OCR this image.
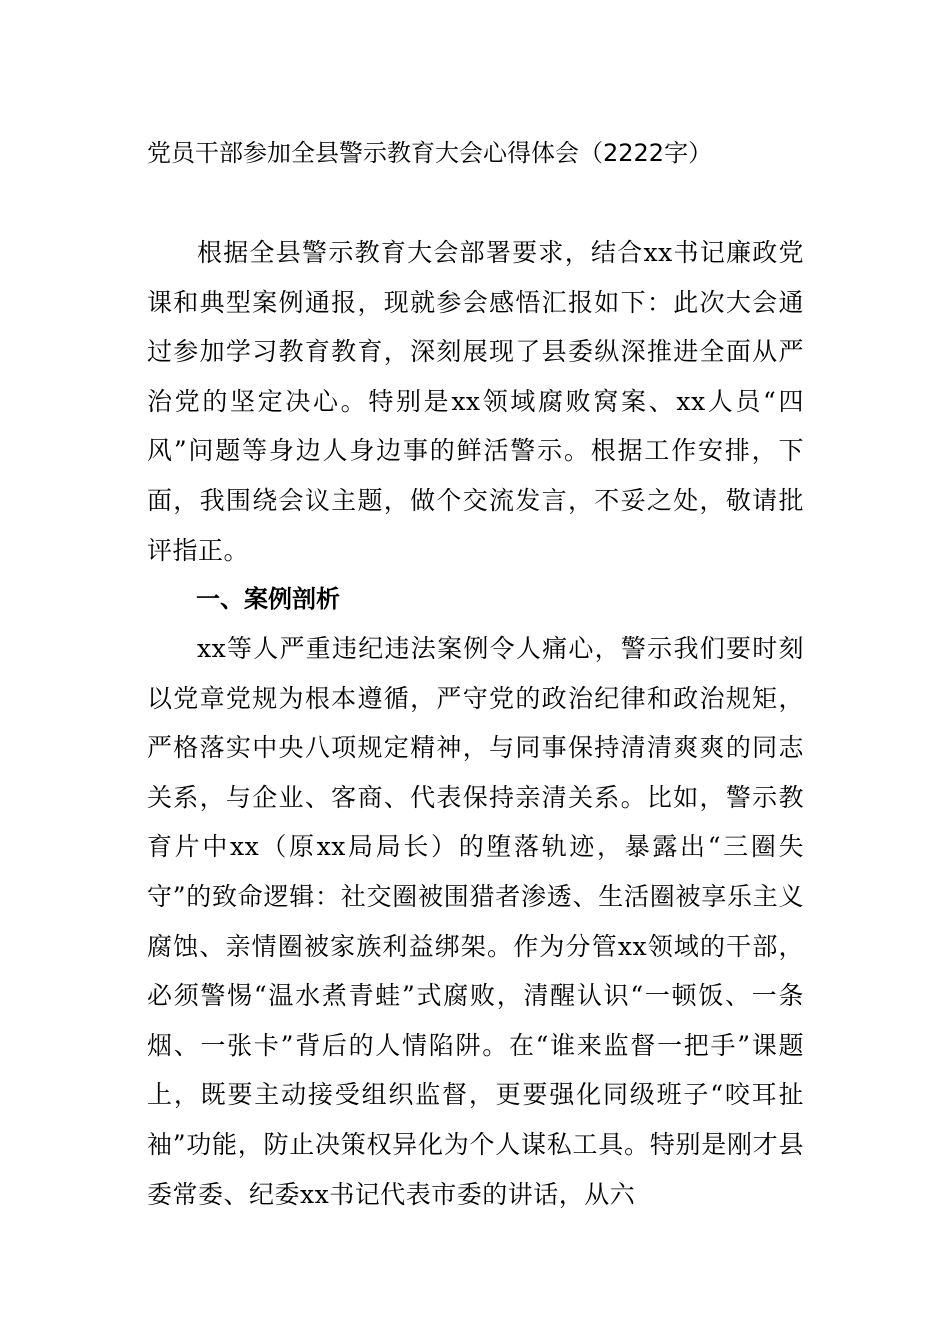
党员干部参加全县警示教育大会心得体会（2222字）

根据全县警示教育大会部署要求，结合xx书记廉政党课和典型案例通报，现就参会感悟汇报如下：此次大会通过参加学习教育教育，深刻展现了县委纵深推进全面从严治党的坚定决心。特别是xx领域腐败窝案、xx人员“四风”问题等身边人身边事的鲜活警示。根据工作安排，下面，我围绕会议主题，做个交流发言，不妥之处，敬请批评指正。

一、案例剖析

xx等人严重违纪违法案例令人痛心，警示我们要时刻以党章党规为根本遵循，严守党的政治纪律和政治规矩，严格落实中央八项规定精神，与同事保持清清爽爽的同志关系，与企业、客商、代表保持亲清关系。比如，警示教育片中xx（原xx局局长）的堕落轨迹，暴露出“三圈失守”的致命逻辑：社交圈被围猎者渗透、生活圈被享乐主义腐蚀、亲情圈被家族利益绑架。作为分管xx领域的干部，必须警惕“温水煮青蛙”式腐败，清醒认识“一顿饭、一条烟、一张卡”背后的人情陷阱。在“谁来监督一把手”课题上，既要主动接受组织监督，更要强化同级班子“咬耳扯袖”功能，防止决策权异化为个人谋私工具。特别是刚才县委常委、纪委xx书记代表市委的讲话，从六
